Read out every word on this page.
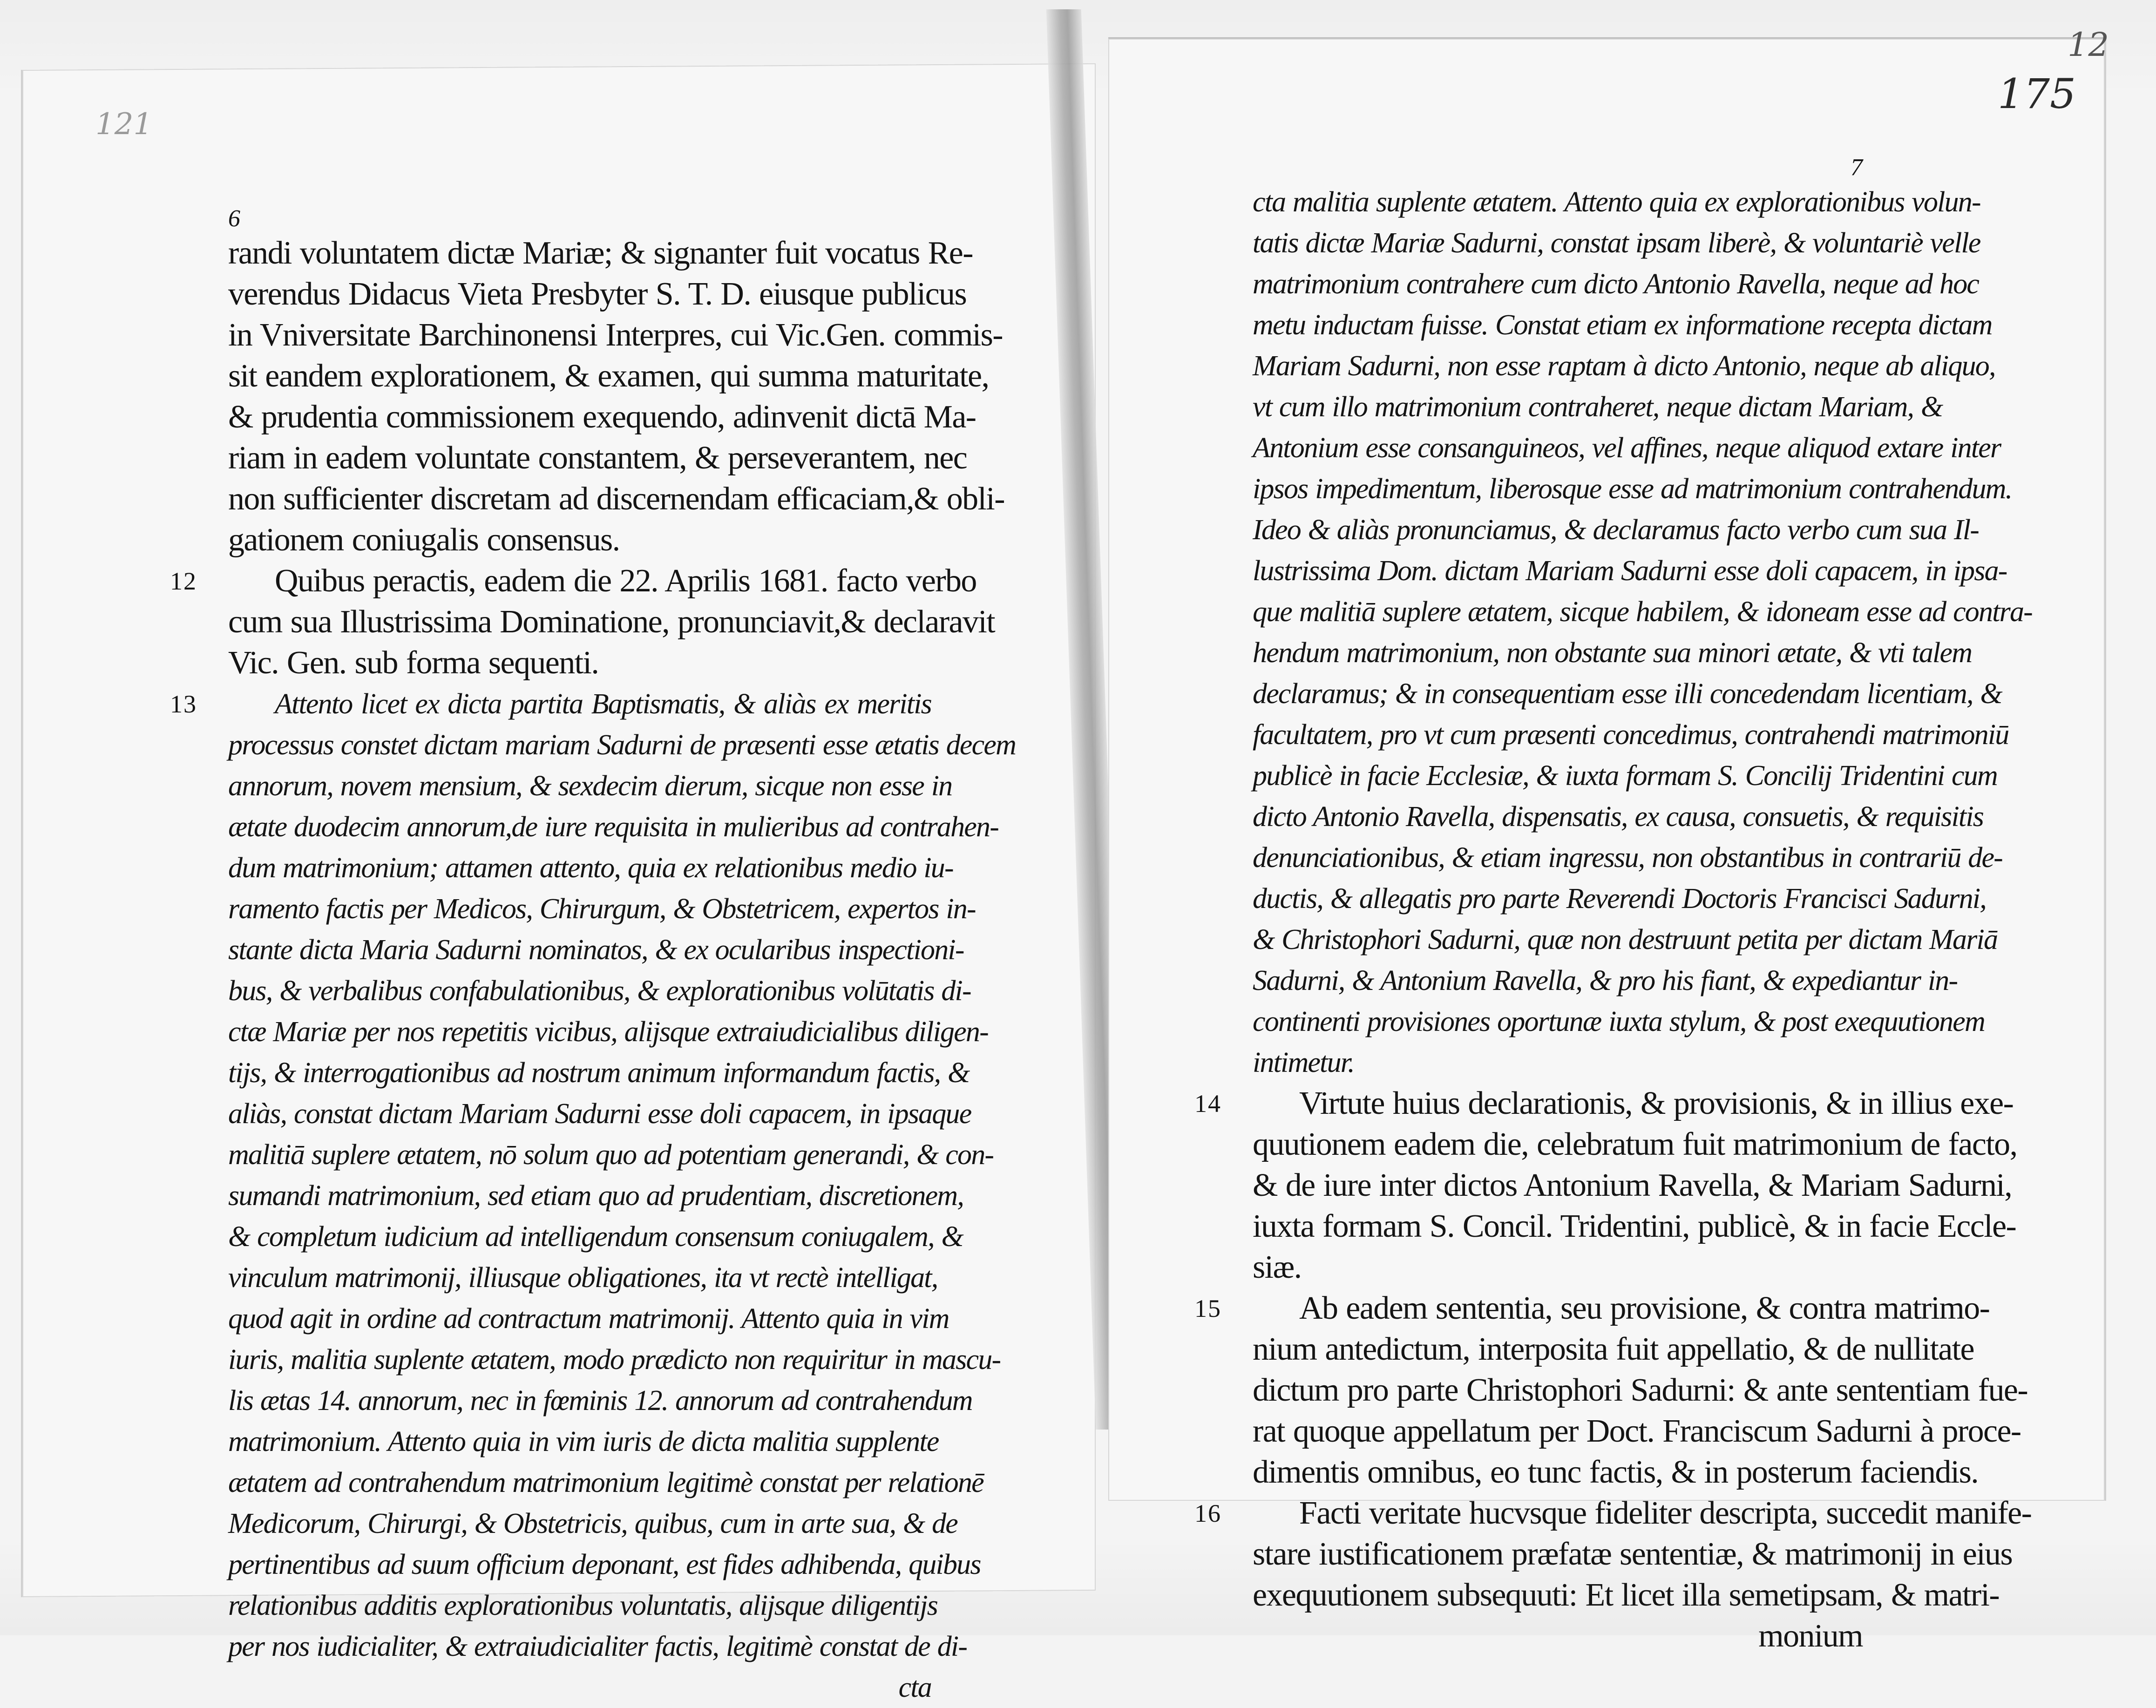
121
6
randi voluntatem dictæ Mariæ; & signanter fuit vocatus Re-
verendus Didacus Vieta Presbyter S. T. D. eiusque publicus
in Vniversitate Barchinonensi Interpres, cui Vic.Gen. commis-
sit eandem explorationem, & examen, qui summa maturitate,
& prudentia commissionem exequendo, adinvenit dictā Ma-
riam in eadem voluntate constantem, & perseverantem, nec
non sufficienter discretam ad discernendam efficaciam,& obli-
gationem coniugalis consensus.
Quibus peractis, eadem die 22. Aprilis 1681. facto verbo
12
cum sua Illustrissima Dominatione, pronunciavit,& declaravit
Vic. Gen. sub forma sequenti.
Attento licet ex dicta partita Baptismatis, & aliàs ex meritis
13
processus constet dictam mariam Sadurni de præsenti esse ætatis decem
annorum, novem mensium, & sexdecim dierum, sicque non esse in
ætate duodecim annorum,de iure requisita in mulieribus ad contrahen-
dum matrimonium; attamen attento, quia ex relationibus medio iu-
ramento factis per Medicos, Chirurgum, & Obstetricem, expertos in-
stante dicta Maria Sadurni nominatos, & ex ocularibus inspectioni-
bus, & verbalibus confabulationibus, & explorationibus volūtatis di-
ctæ Mariæ per nos repetitis vicibus, alijsque extraiudicialibus diligen-
tijs, & interrogationibus ad nostrum animum informandum factis, &
aliàs, constat dictam Mariam Sadurni esse doli capacem, in ipsaque
malitiā suplere ætatem, nō solum quo ad potentiam generandi, & con-
sumandi matrimonium, sed etiam quo ad prudentiam, discretionem,
& completum iudicium ad intelligendum consensum coniugalem, &
vinculum matrimonij, illiusque obligationes, ita vt rectè intelligat,
quod agit in ordine ad contractum matrimonij. Attento quia in vim
iuris, malitia suplente ætatem, modo prædicto non requiritur in mascu-
lis ætas 14. annorum, nec in fœminis 12. annorum ad contrahendum
matrimonium. Attento quia in vim iuris de dicta malitia supplente
ætatem ad contrahendum matrimonium legitimè constat per relationē
Medicorum, Chirurgi, & Obstetricis, quibus, cum in arte sua, & de
pertinentibus ad suum officium deponant, est fides adhibenda, quibus
relationibus additis explorationibus voluntatis, alijsque diligentijs
per nos iudicialiter, & extraiudicialiter factis, legitimè constat de di-
cta
12
175
7
cta malitia suplente ætatem. Attento quia ex explorationibus volun-
tatis dictæ Mariæ Sadurni, constat ipsam liberè, & voluntariè velle
matrimonium contrahere cum dicto Antonio Ravella, neque ad hoc
metu inductam fuisse. Constat etiam ex informatione recepta dictam
Mariam Sadurni, non esse raptam à dicto Antonio, neque ab aliquo,
vt cum illo matrimonium contraheret, neque dictam Mariam, &
Antonium esse consanguineos, vel affines, neque aliquod extare inter
ipsos impedimentum, liberosque esse ad matrimonium contrahendum.
Ideo & aliàs pronunciamus, & declaramus facto verbo cum sua Il-
lustrissima Dom. dictam Mariam Sadurni esse doli capacem, in ipsa-
que malitiā suplere ætatem, sicque habilem, & idoneam esse ad contra-
hendum matrimonium, non obstante sua minori ætate, & vti talem
declaramus; & in consequentiam esse illi concedendam licentiam, &
facultatem, pro vt cum præsenti concedimus, contrahendi matrimoniū
publicè in facie Ecclesiæ, & iuxta formam S. Concilij Tridentini cum
dicto Antonio Ravella, dispensatis, ex causa, consuetis, & requisitis
denunciationibus, & etiam ingressu, non obstantibus in contrariū de-
ductis, & allegatis pro parte Reverendi Doctoris Francisci Sadurni,
& Christophori Sadurni, quæ non destruunt petita per dictam Mariā
Sadurni, & Antonium Ravella, & pro his fiant, & expediantur in-
continenti provisiones oportunæ iuxta stylum, & post exequutionem
intimetur.
Virtute huius declarationis, & provisionis, & in illius exe-
14
quutionem eadem die, celebratum fuit matrimonium de facto,
& de iure inter dictos Antonium Ravella, & Mariam Sadurni,
iuxta formam S. Concil. Tridentini, publicè, & in facie Eccle-
siæ.
Ab eadem sententia, seu provisione, & contra matrimo-
15
nium antedictum, interposita fuit appellatio, & de nullitate
dictum pro parte Christophori Sadurni: & ante sententiam fue-
rat quoque appellatum per Doct. Franciscum Sadurni à proce-
dimentis omnibus, eo tunc factis, & in posterum faciendis.
Facti veritate hucvsque fideliter descripta, succedit manife-
16
stare iustificationem præfatæ sententiæ, & matrimonij in eius
exequutionem subsequuti: Et licet illa semetipsam, & matri-
monium
